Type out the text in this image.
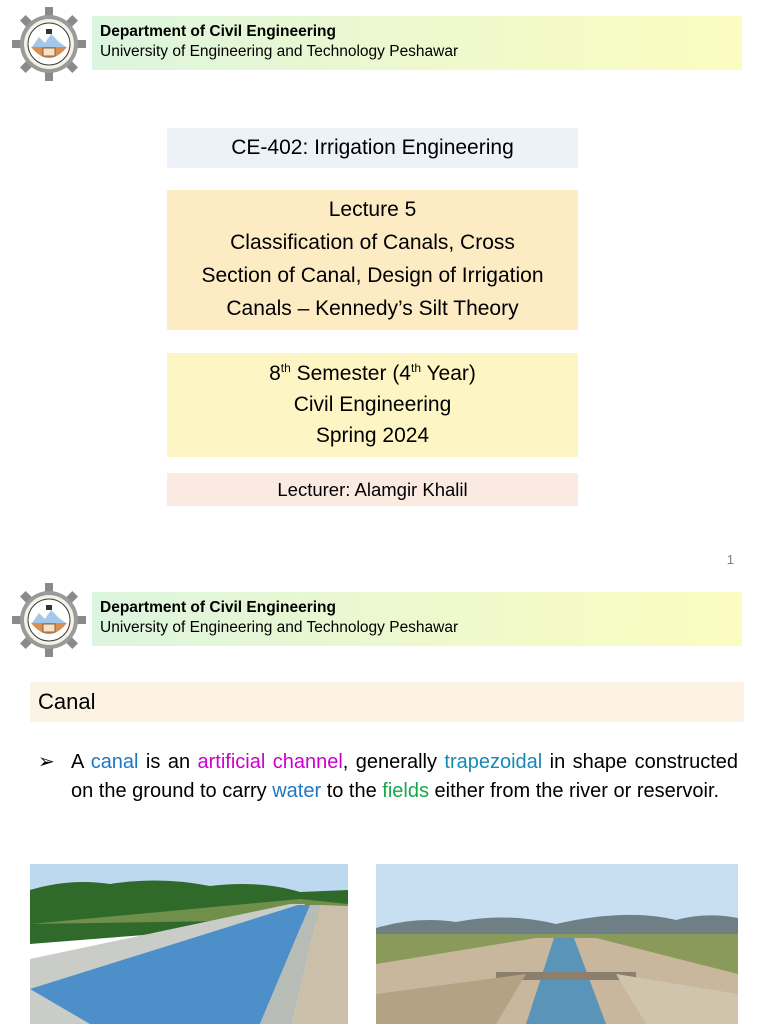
Department of Civil Engineering
University of Engineering and Technology Peshawar
CE-402: Irrigation Engineering
Lecture 5
Classification of Canals, Cross
Section of Canal, Design of Irrigation
Canals – Kennedy’s Silt Theory
8th Semester (4th Year)
Civil Engineering
Spring 2024
Lecturer: Alamgir Khalil
1
Department of Civil Engineering
University of Engineering and Technology Peshawar
Canal
➢ A canal is an artificial channel, generally trapezoidal in shape constructed on the ground to carry water to the fields either from the river or reservoir.
